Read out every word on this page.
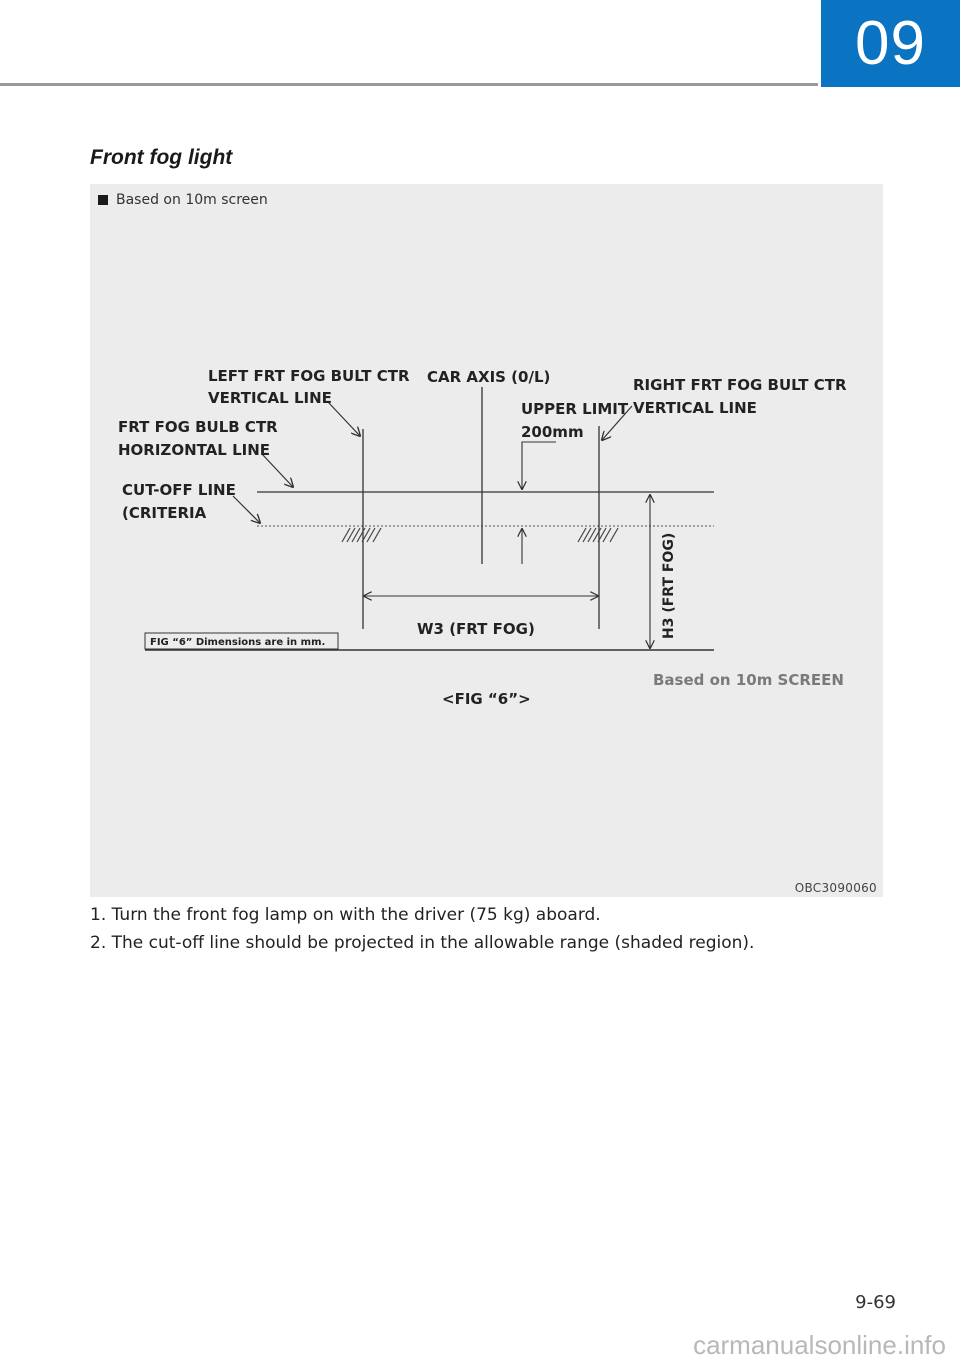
09
Front fog light
Based on 10m screen
LEFT FRT FOG BULT CTR
VERTICAL LINE
CAR AXIS (0/L)	RIGHT FRT FOG BULT CTR
VERTICAL LINE
UPPER LIMIT
200mm
FRT FOG BULB CTR
HORIZONTAL LINE
CUT-OFF LINE
(CRITERIA
W3 (FRT FOG)	H3 (FRT FOG)
FIG “6” Dimensions are in mm.
Based on 10m SCREEN
<FIG “6”>
OBC3090060

1. Turn the front fog lamp on with the driver (75 kg) aboard.

2. The cut-off line should be projected in the allowable range (shaded region).

9-69
carmanualsonline.info
